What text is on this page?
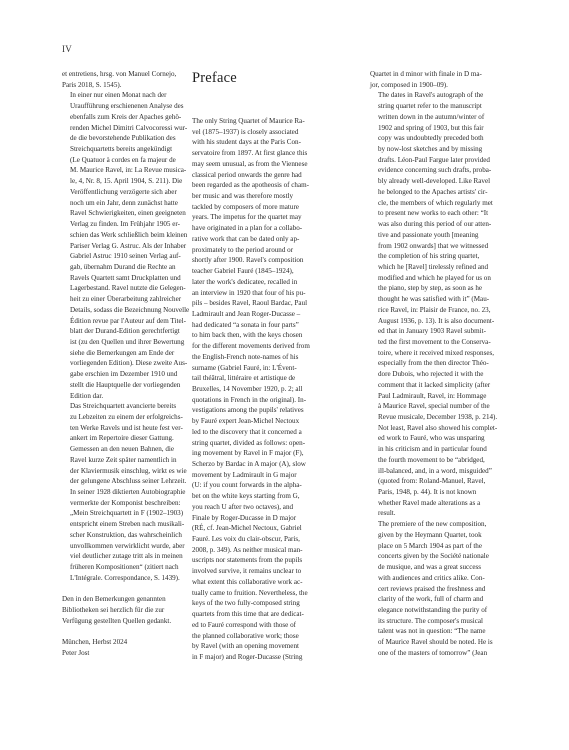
IV

et entretiens, hrsg. von Manuel Cornejo,
Paris 2018, S. 1545).

In einer nur einen Monat nach der
Uraufführung erschienenen Analyse des
ebenfalls zum Kreis der Apaches gehö-
renden Michel Dimitri Calvocoressi wur-
de die bevorstehende Publikation des
Streichquartetts bereits angekündigt
(Le Quatuor à cordes en fa majeur de
M. Maurice Ravel, in: La Revue musica-
le, 4, Nr. 8, 15. April 1904, S. 211). Die
Veröffentlichung verzögerte sich aber
noch um ein Jahr, denn zunächst hatte
Ravel Schwierigkeiten, einen geeigneten
Verlag zu finden. Im Frühjahr 1905 er-
schien das Werk schließlich beim kleinen
Pariser Verlag G. Astruc. Als der Inhaber
Gabriel Astruc 1910 seinen Verlag auf-
gab, übernahm Durand die Rechte an
Ravels Quartett samt Druckplatten und
Lagerbestand. Ravel nutzte die Gelegen-
heit zu einer Überarbeitung zahlreicher
Details, sodass die Bezeichnung Nouvelle
Édition revue par l'Auteur auf dem Titel-
blatt der Durand-Edition gerechtfertigt
ist (zu den Quellen und ihrer Bewertung
siehe die Bemerkungen am Ende der
vorliegenden Edition). Diese zweite Aus-
gabe erschien im Dezember 1910 und
stellt die Hauptquelle der vorliegenden
Edition dar.

Das Streichquartett avancierte bereits
zu Lebzeiten zu einem der erfolgreichs-
ten Werke Ravels und ist heute fest ver-
ankert im Repertoire dieser Gattung.
Gemessen an den neuen Bahnen, die
Ravel kurze Zeit später namentlich in
der Klaviermusik einschlug, wirkt es wie
der gelungene Abschluss seiner Lehrzeit.
In seiner 1928 diktierten Autobiographie
vermerkte der Komponist beschreiben:
„Mein Streichquartett in F (1902–1903)
entspricht einem Streben nach musikali-
scher Konstruktion, das wahrscheinlich
unvollkommen verwirklicht wurde, aber
viel deutlicher zutage tritt als in meinen
früheren Kompositionen“ (zitiert nach
L'Intégrale. Correspondance, S. 1439).

Den in den Bemerkungen genannten
Bibliotheken sei herzlich für die zur
Verfügung gestellten Quellen gedankt.

München, Herbst 2024
Peter Jost

Preface

The only String Quartet of Maurice Ra-
vel (1875–1937) is closely associated
with his student days at the Paris Con-
servatoire from 1897. At first glance this
may seem unusual, as from the Viennese
classical period onwards the genre had
been regarded as the apotheosis of cham-
ber music and was therefore mostly
tackled by composers of more mature
years. The impetus for the quartet may
have originated in a plan for a collabo-
rative work that can be dated only ap-
proximately to the period around or
shortly after 1900. Ravel's composition
teacher Gabriel Fauré (1845–1924),
later the work's dedicatee, recalled in
an interview in 1920 that four of his pu-
pils – besides Ravel, Raoul Bardac, Paul
Ladmirault and Jean Roger-Ducasse –
had dedicated “a sonata in four parts”
to him back then, with the keys chosen
for the different movements derived from
the English-French note-names of his
surname (Gabriel Fauré, in: L'Évent-
tail théâtral, littéraire et artistique de
Bruxelles, 14 November 1920, p. 2; all
quotations in French in the original). In-
vestigations among the pupils' relatives
by Fauré expert Jean-Michel Nectoux
led to the discovery that it concerned a
string quartet, divided as follows: open-
ing movement by Ravel in F major (F),
Scherzo by Bardac in A major (A), slow
movement by Ladmirault in G major
(U: if you count forwards in the alpha-
bet on the white keys starting from G,
you reach U after two octaves), and
Finale by Roger-Ducasse in D major
(RÉ, cf. Jean-Michel Nectoux, Gabriel
Fauré. Les voix du clair-obscur, Paris,
2008, p. 349). As neither musical man-
uscripts nor statements from the pupils
involved survive, it remains unclear to
what extent this collaborative work ac-
tually came to fruition. Nevertheless, the
keys of the two fully-composed string
quartets from this time that are dedicat-
ed to Fauré correspond with those of
the planned collaborative work; those
by Ravel (with an opening movement
in F major) and Roger-Ducasse (String

Quartet in d minor with finale in D ma-
jor, composed in 1900–09).

The dates in Ravel's autograph of the
string quartet refer to the manuscript
written down in the autumn/winter of
1902 and spring of 1903, but this fair
copy was undoubtedly preceded both
by now-lost sketches and by missing
drafts. Léon-Paul Fargue later provided
evidence concerning such drafts, proba-
bly already well-developed. Like Ravel
he belonged to the Apaches artists' cir-
cle, the members of which regularly met
to present new works to each other: “It
was also during this period of our atten-
tive and passionate youth [meaning
from 1902 onwards] that we witnessed
the completion of his string quartet,
which he [Ravel] tirelessly refined and
modified and which he played for us on
the piano, step by step, as soon as he
thought he was satisfied with it” (Mau-
rice Ravel, in: Plaisir de France, no. 23,
August 1936, p. 13). It is also document-
ed that in January 1903 Ravel submit-
ted the first movement to the Conserva-
toire, where it received mixed responses,
especially from the then director Théo-
dore Dubois, who rejected it with the
comment that it lacked simplicity (after
Paul Ladmirault, Ravel, in: Hommage
à Maurice Ravel, special number of the
Revue musicale, December 1938, p. 214).
Not least, Ravel also showed his complet-
ed work to Fauré, who was unsparing
in his criticism and in particular found
the fourth movement to be “abridged,
ill-balanced, and, in a word, misguided”
(quoted from: Roland-Manuel, Ravel,
Paris, 1948, p. 44). It is not known
whether Ravel made alterations as a
result.

The premiere of the new composition,
given by the Heymann Quartet, took
place on 5 March 1904 as part of the
concerts given by the Société nationale
de musique, and was a great success
with audiences and critics alike. Con-
cert reviews praised the freshness and
clarity of the work, full of charm and
elegance notwithstanding the purity of
its structure. The composer's musical
talent was not in question: “The name
of Maurice Ravel should be noted. He is
one of the masters of tomorrow” (Jean
